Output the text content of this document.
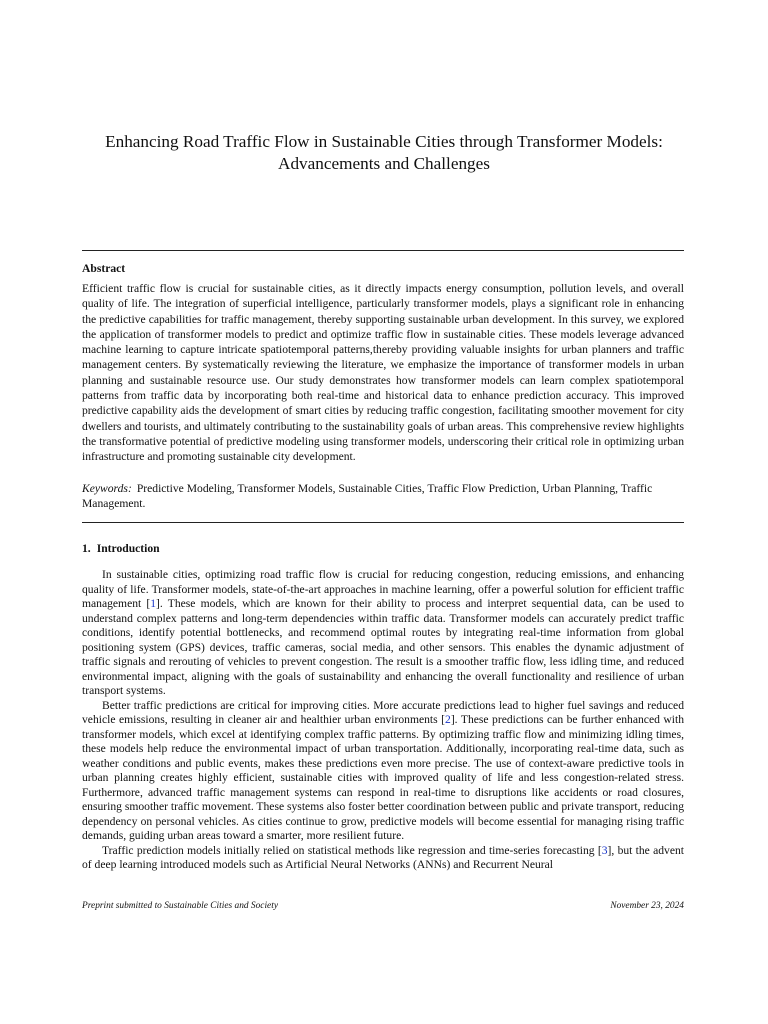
Enhancing Road Traffic Flow in Sustainable Cities through Transformer Models:
Advancements and Challenges
Abstract
Efficient traffic flow is crucial for sustainable cities, as it directly impacts energy consumption, pollution levels, and overall quality of life. The integration of superficial intelligence, particularly transformer models, plays a significant role in enhancing the predictive capabilities for traffic management, thereby supporting sustainable urban development. In this survey, we explored the application of transformer models to predict and optimize traffic flow in sustainable cities. These models leverage advanced machine learning to capture intricate spatiotemporal patterns,thereby providing valuable insights for urban planners and traffic management centers. By systematically reviewing the literature, we emphasize the importance of transformer models in urban planning and sustainable resource use. Our study demonstrates how transformer models can learn complex spatiotemporal patterns from traffic data by incorporating both real-time and historical data to enhance prediction accuracy. This improved predictive capability aids the development of smart cities by reducing traffic congestion, facilitating smoother movement for city dwellers and tourists, and ultimately contributing to the sustainability goals of urban areas. This comprehensive review highlights the transformative potential of predictive modeling using transformer models, underscoring their critical role in optimizing urban infrastructure and promoting sustainable city development.
Keywords: Predictive Modeling, Transformer Models, Sustainable Cities, Traffic Flow Prediction, Urban Planning, Traffic Management.
1. Introduction

In sustainable cities, optimizing road traffic flow is crucial for reducing congestion, reducing emissions, and enhancing quality of life. Transformer models, state-of-the-art approaches in machine learning, offer a powerful solution for efficient traffic management [1]. These models, which are known for their ability to process and interpret sequential data, can be used to understand complex patterns and long-term dependencies within traffic data. Transformer models can accurately predict traffic conditions, identify potential bottlenecks, and recommend optimal routes by integrating real-time information from global positioning system (GPS) devices, traffic cameras, social media, and other sensors. This enables the dynamic adjustment of traffic signals and rerouting of vehicles to prevent congestion. The result is a smoother traffic flow, less idling time, and reduced environmental impact, aligning with the goals of sustainability and enhancing the overall functionality and resilience of urban transport systems.

Better traffic predictions are critical for improving cities. More accurate predictions lead to higher fuel savings and reduced vehicle emissions, resulting in cleaner air and healthier urban environments [2]. These predictions can be further enhanced with transformer models, which excel at identifying complex traffic patterns. By optimizing traffic flow and minimizing idling times, these models help reduce the environmental impact of urban transportation. Additionally, incorporating real-time data, such as weather conditions and public events, makes these predictions even more precise. The use of context-aware predictive tools in urban planning creates highly efficient, sustainable cities with improved quality of life and less congestion-related stress. Furthermore, advanced traffic management systems can respond in real-time to disruptions like accidents or road closures, ensuring smoother traffic movement. These systems also foster better coordination between public and private transport, reducing dependency on personal vehicles. As cities continue to grow, predictive models will become essential for managing rising traffic demands, guiding urban areas toward a smarter, more resilient future.

Traffic prediction models initially relied on statistical methods like regression and time-series forecasting [3], but the advent of deep learning introduced models such as Artificial Neural Networks (ANNs) and Recurrent Neural

Preprint submitted to Sustainable Cities and Society	November 23, 2024
